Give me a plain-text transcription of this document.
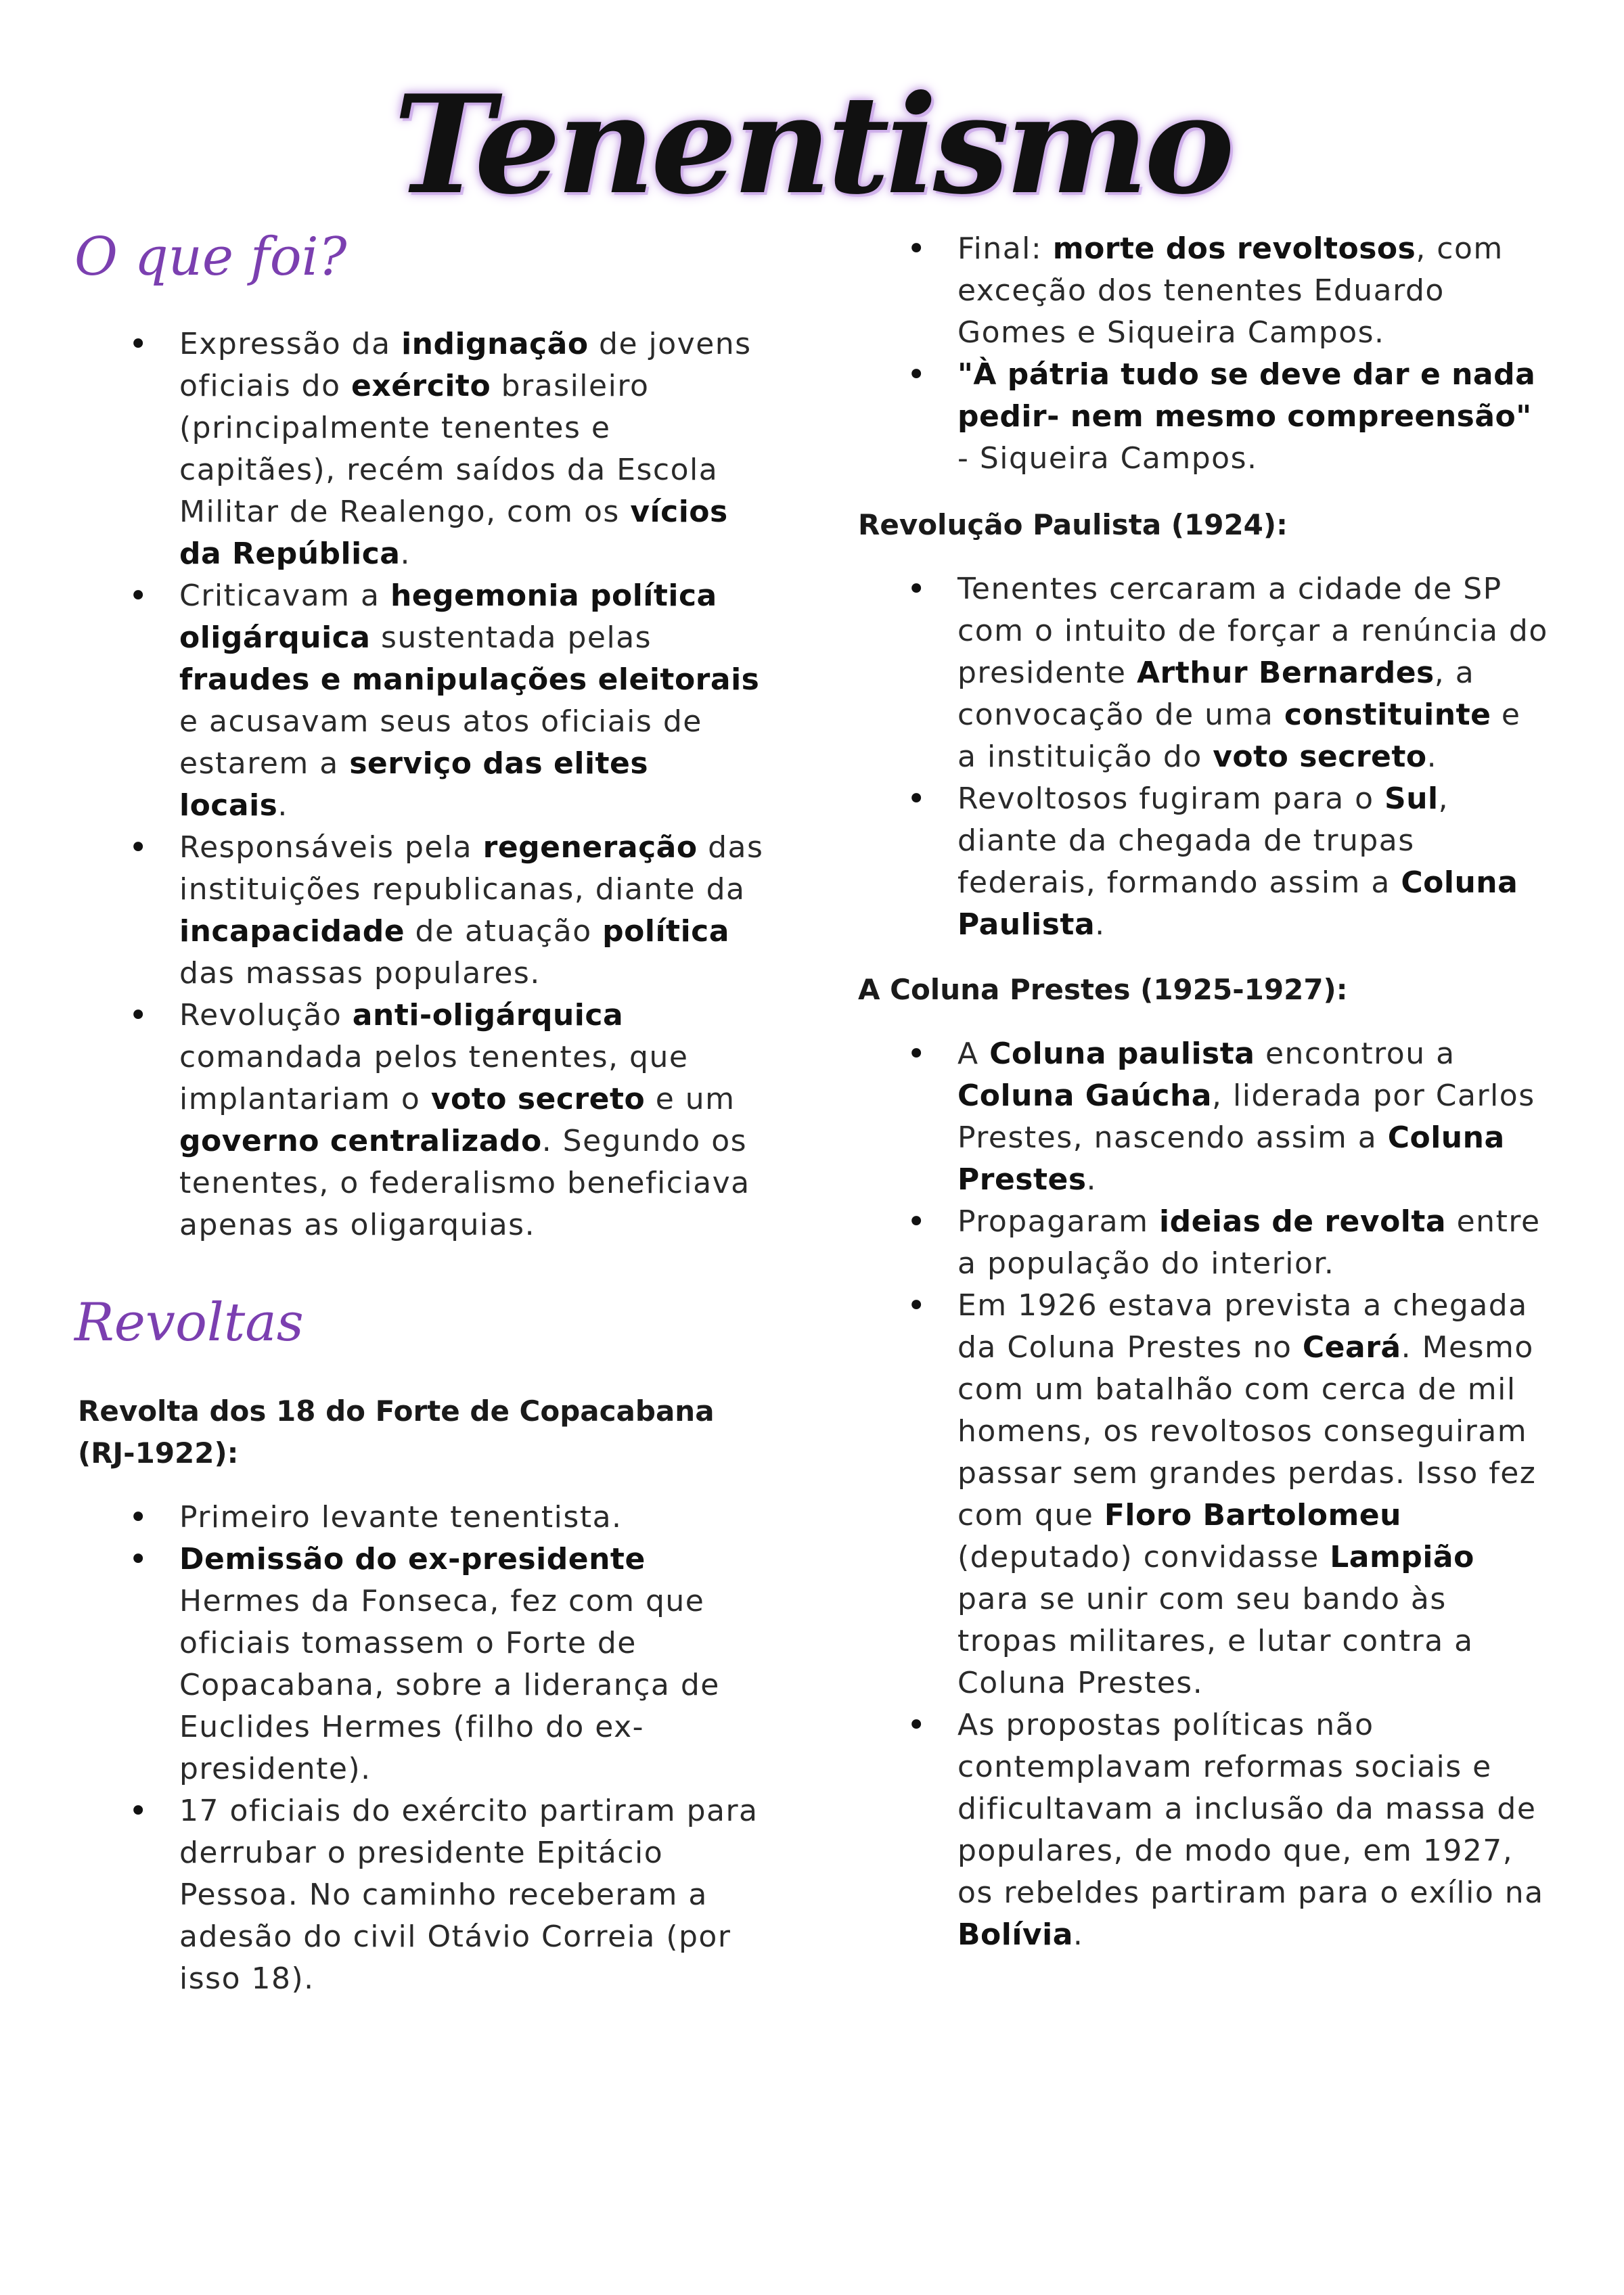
Tenentismo
O que foi?
• Expressão da indignação de jovens oficiais do exército brasileiro (principalmente tenentes e capitães), recém saídos da Escola Militar de Realengo, com os vícios da República.
• Criticavam a hegemonia política oligárquica sustentada pelas fraudes e manipulações eleitorais e acusavam seus atos oficiais de estarem a serviço das elites locais.
• Responsáveis pela regeneração das instituições republicanas, diante da incapacidade de atuação política das massas populares.
• Revolução anti-oligárquica comandada pelos tenentes, que implantariam o voto secreto e um governo centralizado. Segundo os tenentes, o federalismo beneficiava apenas as oligarquias.
Revoltas

Revolta dos 18 do Forte de Copacabana (RJ-1922):

• Primeiro levante tenentista.
• Demissão do ex-presidente Hermes da Fonseca, fez com que oficiais tomassem o Forte de Copacabana, sobre a liderança de Euclides Hermes (filho do ex-presidente).
• 17 oficiais do exército partiram para derrubar o presidente Epitácio Pessoa. No caminho receberam a adesão do civil Otávio Correia (por isso 18).
• Final: morte dos revoltosos, com exceção dos tenentes Eduardo Gomes e Siqueira Campos.
• "À pátria tudo se deve dar e nada pedir- nem mesmo compreensão" - Siqueira Campos.

Revolução Paulista (1924):

• Tenentes cercaram a cidade de SP com o intuito de forçar a renúncia do presidente Arthur Bernardes, a convocação de uma constituinte e a instituição do voto secreto.
• Revoltosos fugiram para o Sul, diante da chegada de trupas federais, formando assim a Coluna Paulista.

A Coluna Prestes (1925-1927):

• A Coluna paulista encontrou a Coluna Gaúcha, liderada por Carlos Prestes, nascendo assim a Coluna Prestes.
• Propagaram ideias de revolta entre a população do interior.
• Em 1926 estava prevista a chegada da Coluna Prestes no Ceará. Mesmo com um batalhão com cerca de mil homens, os revoltosos conseguiram passar sem grandes perdas. Isso fez com que Floro Bartolomeu (deputado) convidasse Lampião para se unir com seu bando às tropas militares, e lutar contra a Coluna Prestes.
• As propostas políticas não contemplavam reformas sociais e dificultavam a inclusão da massa de populares, de modo que, em 1927, os rebeldes partiram para o exílio na Bolívia.
